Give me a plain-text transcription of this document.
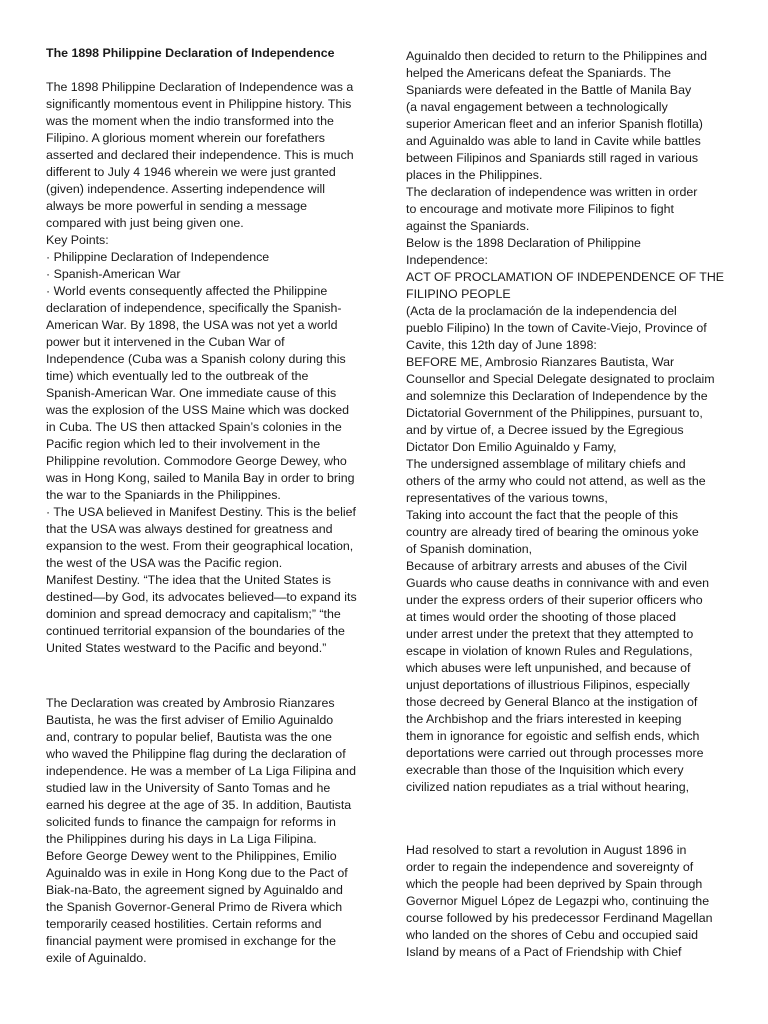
The 1898 Philippine Declaration of Independence
The 1898 Philippine Declaration of Independence was a
significantly momentous event in Philippine history. This
was the moment when the indio transformed into the
Filipino. A glorious moment wherein our forefathers
asserted and declared their independence. This is much
different to July 4 1946 wherein we were just granted
(given) independence. Asserting independence will
always be more powerful in sending a message
compared with just being given one.
Key Points:
· Philippine Declaration of Independence
· Spanish-American War
· World events consequently affected the Philippine
declaration of independence, specifically the Spanish-
American War. By 1898, the USA was not yet a world
power but it intervened in the Cuban War of
Independence (Cuba was a Spanish colony during this
time) which eventually led to the outbreak of the
Spanish-American War. One immediate cause of this
was the explosion of the USS Maine which was docked
in Cuba. The US then attacked Spain’s colonies in the
Pacific region which led to their involvement in the
Philippine revolution. Commodore George Dewey, who
was in Hong Kong, sailed to Manila Bay in order to bring
the war to the Spaniards in the Philippines.
· The USA believed in Manifest Destiny. This is the belief
that the USA was always destined for greatness and
expansion to the west. From their geographical location,
the west of the USA was the Pacific region.
Manifest Destiny. “The idea that the United States is
destined—by God, its advocates believed—to expand its
dominion and spread democracy and capitalism;” “the
continued territorial expansion of the boundaries of the
United States westward to the Pacific and beyond.”
The Declaration was created by Ambrosio Rianzares
Bautista, he was the first adviser of Emilio Aguinaldo
and, contrary to popular belief, Bautista was the one
who waved the Philippine flag during the declaration of
independence. He was a member of La Liga Filipina and
studied law in the University of Santo Tomas and he
earned his degree at the age of 35. In addition, Bautista
solicited funds to finance the campaign for reforms in
the Philippines during his days in La Liga Filipina.
Before George Dewey went to the Philippines, Emilio
Aguinaldo was in exile in Hong Kong due to the Pact of
Biak-na-Bato, the agreement signed by Aguinaldo and
the Spanish Governor-General Primo de Rivera which
temporarily ceased hostilities. Certain reforms and
financial payment were promised in exchange for the
exile of Aguinaldo.
Aguinaldo then decided to return to the Philippines and
helped the Americans defeat the Spaniards. The
Spaniards were defeated in the Battle of Manila Bay
(a naval engagement between a technologically
superior American fleet and an inferior Spanish flotilla)
and Aguinaldo was able to land in Cavite while battles
between Filipinos and Spaniards still raged in various
places in the Philippines.
The declaration of independence was written in order
to encourage and motivate more Filipinos to fight
against the Spaniards.
Below is the 1898 Declaration of Philippine
Independence:
ACT OF PROCLAMATION OF INDEPENDENCE OF THE
FILIPINO PEOPLE
(Acta de la proclamación de la independencia del
pueblo Filipino) In the town of Cavite-Viejo, Province of
Cavite, this 12th day of June 1898:
BEFORE ME, Ambrosio Rianzares Bautista, War
Counsellor and Special Delegate designated to proclaim
and solemnize this Declaration of Independence by the
Dictatorial Government of the Philippines, pursuant to,
and by virtue of, a Decree issued by the Egregious
Dictator Don Emilio Aguinaldo y Famy,
The undersigned assemblage of military chiefs and
others of the army who could not attend, as well as the
representatives of the various towns,
Taking into account the fact that the people of this
country are already tired of bearing the ominous yoke
of Spanish domination,
Because of arbitrary arrests and abuses of the Civil
Guards who cause deaths in connivance with and even
under the express orders of their superior officers who
at times would order the shooting of those placed
under arrest under the pretext that they attempted to
escape in violation of known Rules and Regulations,
which abuses were left unpunished, and because of
unjust deportations of illustrious Filipinos, especially
those decreed by General Blanco at the instigation of
the Archbishop and the friars interested in keeping
them in ignorance for egoistic and selfish ends, which
deportations were carried out through processes more
execrable than those of the Inquisition which every
civilized nation repudiates as a trial without hearing,
Had resolved to start a revolution in August 1896 in
order to regain the independence and sovereignty of
which the people had been deprived by Spain through
Governor Miguel López de Legazpi who, continuing the
course followed by his predecessor Ferdinand Magellan
who landed on the shores of Cebu and occupied said
Island by means of a Pact of Friendship with Chief
